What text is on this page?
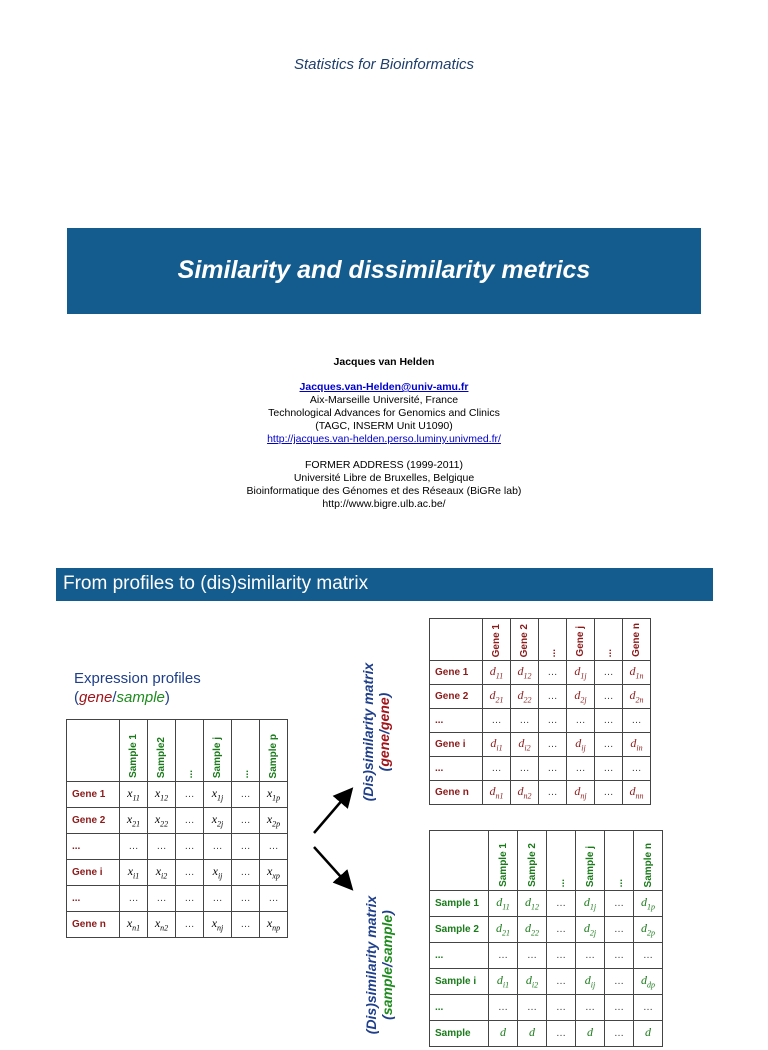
Statistics for Bioinformatics
Similarity and dissimilarity metrics
Jacques van Helden
Jacques.van-Helden@univ-amu.fr
Aix-Marseille Université, France
Technological Advances for Genomics and Clinics
(TAGC, INSERM Unit U1090)
http://jacques.van-helden.perso.luminy.univmed.fr/
FORMER ADDRESS (1999-2011)
Université Libre de Bruxelles, Belgique
Bioinformatique des Génomes et des Réseaux (BiGRe lab)
http://www.bigre.ulb.ac.be/
From profiles to (dis)similarity matrix
Expression profiles
(gene/sample)
	Sample 1	Sample2	...	Sample j	...	Sample p
Gene 1	$x_{11}$	$x_{12}$	…	$x_{1j}$	…	$x_{1p}$
Gene 2	$x_{21}$	$x_{22}$	…	$x_{2j}$	…	$x_{2p}$
...	…	…	…	…	…	…
Gene i	$x_{i1}$	$x_{i2}$	…	$x_{ij}$	…	$x_{xp}$
...	…	…	…	…	…	…
Gene n	$x_{n1}$	$x_{n2}$	…	$x_{nj}$	…	$x_{np}$
(Dis)similarity matrix (gene/gene)
(Dis)similarity matrix (sample/sample)
	Gene 1	Gene 2	...	Gene j	...	Gene n
Gene 1	$d_{11}$	$d_{12}$	…	$d_{1j}$	…	$d_{1n}$
Gene 2	$d_{21}$	$d_{22}$	…	$d_{2j}$	…	$d_{2n}$
...	…	…	…	…	…	…
Gene i	$d_{i1}$	$d_{i2}$	…	$d_{ij}$	…	$d_{in}$
...	…	…	…	…	…	…
Gene n	$d_{n1}$	$d_{n2}$	…	$d_{nj}$	…	$d_{nn}$
	Sample 1	Sample 2	...	Sample j	...	Sample n
Sample 1	$d_{11}$	$d_{12}$	…	$d_{1j}$	…	$d_{1p}$
Sample 2	$d_{21}$	$d_{22}$	…	$d_{2j}$	…	$d_{2p}$
...	…	…	…	…	…	…
Sample i	$d_{i1}$	$d_{i2}$	…	$d_{ij}$	…	$d_{dp}$
...	…	…	…	…	…	…
Sample	d	d	…	d	…	d
